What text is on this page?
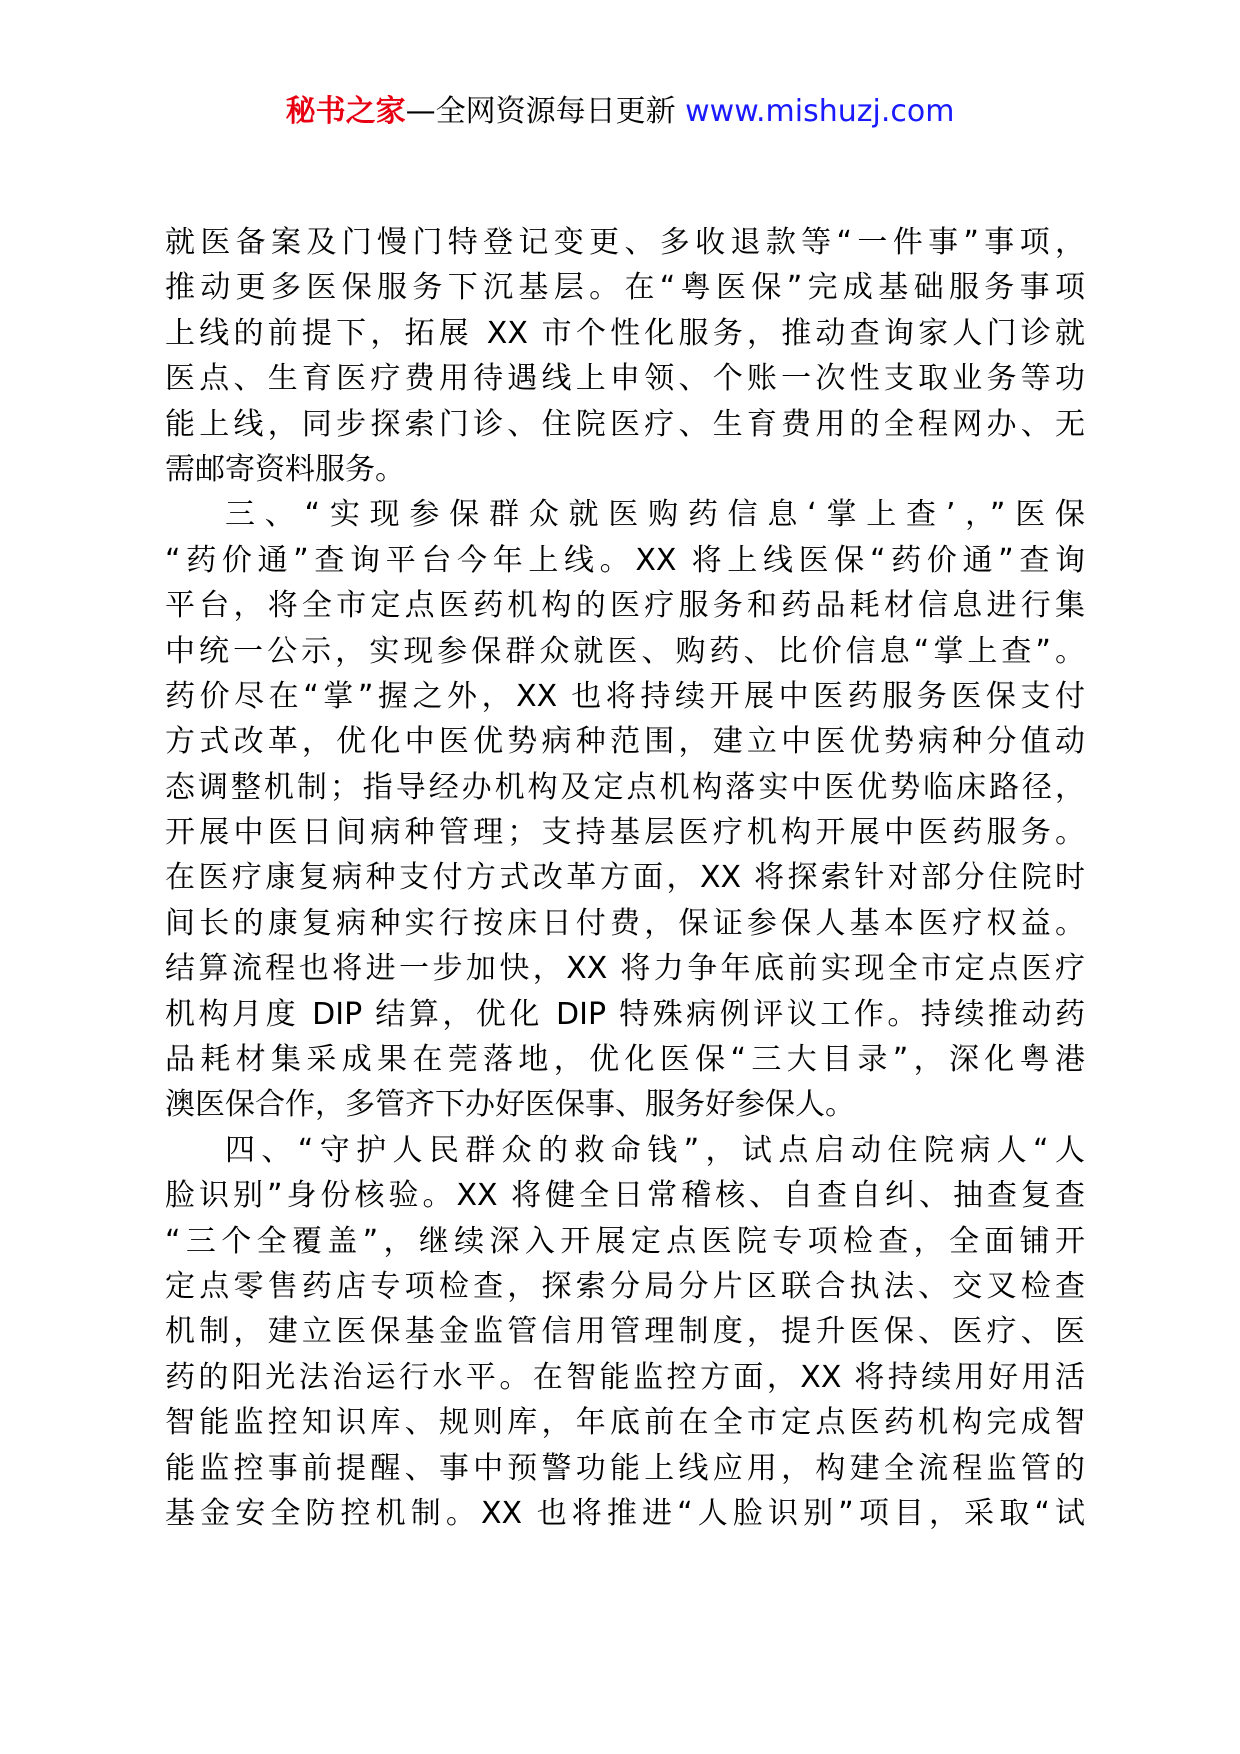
秘书之家—全网资源每日更新 www.mishuzj.com
就医备案及门慢门特登记变更、多收退款等“一件事”事项，
推动更多医保服务下沉基层。在“粤医保”完成基础服务事项
上线的前提下，拓展 XX 市个性化服务，推动查询家人门诊就
医点、生育医疗费用待遇线上申领、个账一次性支取业务等功
能上线，同步探索门诊、住院医疗、生育费用的全程网办、无
需邮寄资料服务。
三、“实现参保群众就医购药信息‘掌上查’，”医保
“药价通”查询平台今年上线。XX 将上线医保“药价通”查询
平台，将全市定点医药机构的医疗服务和药品耗材信息进行集
中统一公示，实现参保群众就医、购药、比价信息“掌上查”。
药价尽在“掌”握之外，XX 也将持续开展中医药服务医保支付
方式改革，优化中医优势病种范围，建立中医优势病种分值动
态调整机制；指导经办机构及定点机构落实中医优势临床路径，
开展中医日间病种管理；支持基层医疗机构开展中医药服务。
在医疗康复病种支付方式改革方面，XX 将探索针对部分住院时
间长的康复病种实行按床日付费，保证参保人基本医疗权益。
结算流程也将进一步加快，XX 将力争年底前实现全市定点医疗
机构月度 DIP 结算，优化 DIP 特殊病例评议工作。持续推动药
品耗材集采成果在莞落地，优化医保“三大目录”，深化粤港
澳医保合作，多管齐下办好医保事、服务好参保人。
四、“守护人民群众的救命钱”，试点启动住院病人“人
脸识别”身份核验。XX 将健全日常稽核、自查自纠、抽查复查
“三个全覆盖”，继续深入开展定点医院专项检查，全面铺开
定点零售药店专项检查，探索分局分片区联合执法、交叉检查
机制，建立医保基金监管信用管理制度，提升医保、医疗、医
药的阳光法治运行水平。在智能监控方面，XX 将持续用好用活
智能监控知识库、规则库，年底前在全市定点医药机构完成智
能监控事前提醒、事中预警功能上线应用，构建全流程监管的
基金安全防控机制。XX 也将推进“人脸识别”项目，采取“试
